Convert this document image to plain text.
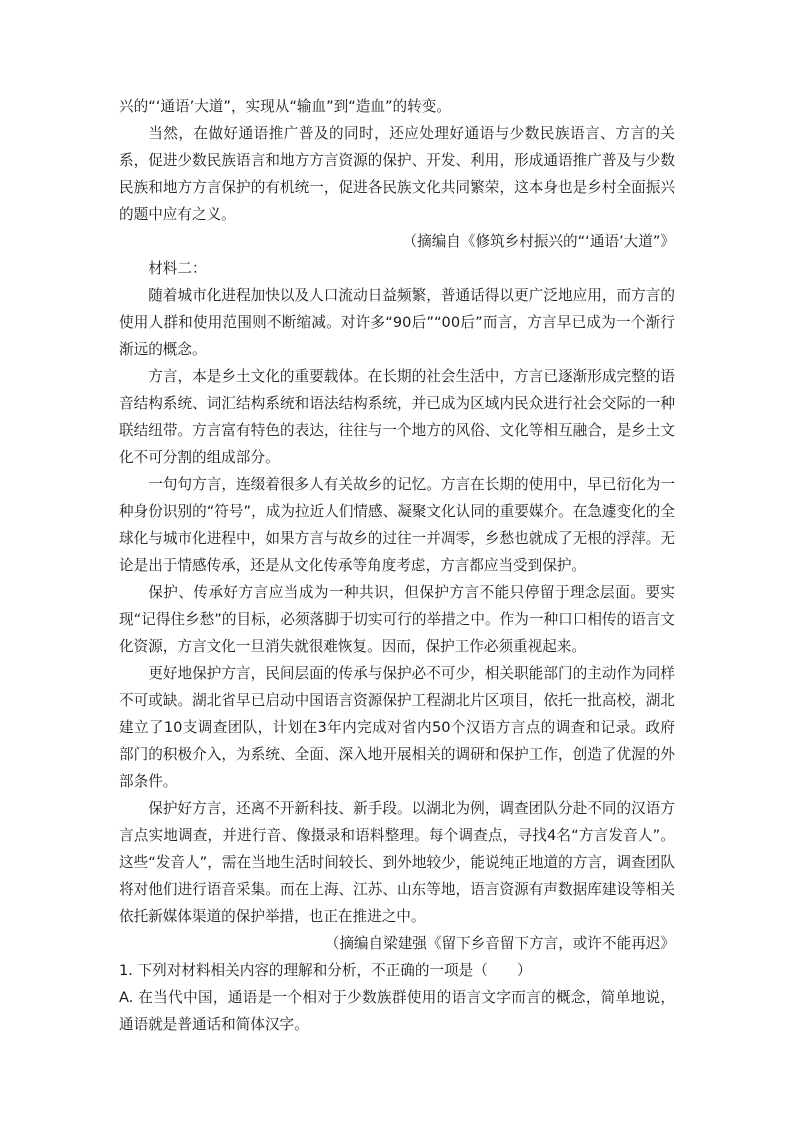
兴的“‘通语’大道”，实现从“输血”到“造血”的转变。

当然，在做好通语推广普及的同时，还应处理好通语与少数民族语言、方言的关系，促进少数民族语言和地方方言资源的保护、开发、利用，形成通语推广普及与少数民族和地方方言保护的有机统一，促进各民族文化共同繁荣，这本身也是乡村全面振兴的题中应有之义。

（摘编自《修筑乡村振兴的“‘通语’大道”》

材料二：

随着城市化进程加快以及人口流动日益频繁，普通话得以更广泛地应用，而方言的使用人群和使用范围则不断缩减。对许多“90后”“00后”而言，方言早已成为一个渐行渐远的概念。

方言，本是乡土文化的重要载体。在长期的社会生活中，方言已逐渐形成完整的语音结构系统、词汇结构系统和语法结构系统，并已成为区域内民众进行社会交际的一种联结纽带。方言富有特色的表达，往往与一个地方的风俗、文化等相互融合，是乡土文化不可分割的组成部分。

一句句方言，连缀着很多人有关故乡的记忆。方言在长期的使用中，早已衍化为一种身份识别的“符号”，成为拉近人们情感、凝聚文化认同的重要媒介。在急遽变化的全球化与城市化进程中，如果方言与故乡的过往一并凋零，乡愁也就成了无根的浮萍。无论是出于情感传承，还是从文化传承等角度考虑，方言都应当受到保护。

保护、传承好方言应当成为一种共识，但保护方言不能只停留于理念层面。要实现“记得住乡愁”的目标，必须落脚于切实可行的举措之中。作为一种口口相传的语言文化资源，方言文化一旦消失就很难恢复。因而，保护工作必须重视起来。

更好地保护方言，民间层面的传承与保护必不可少，相关职能部门的主动作为同样不可或缺。湖北省早已启动中国语言资源保护工程湖北片区项目，依托一批高校，湖北建立了10支调查团队，计划在3年内完成对省内50个汉语方言点的调查和记录。政府部门的积极介入，为系统、全面、深入地开展相关的调研和保护工作，创造了优渥的外部条件。

保护好方言，还离不开新科技、新手段。以湖北为例，调查团队分赴不同的汉语方言点实地调查，并进行音、像摄录和语料整理。每个调查点，寻找4名“方言发音人”。这些“发音人”，需在当地生活时间较长、到外地较少，能说纯正地道的方言，调查团队将对他们进行语音采集。而在上海、江苏、山东等地，语言资源有声数据库建设等相关依托新媒体渠道的保护举措，也正在推进之中。

（摘编自梁建强《留下乡音留下方言，或许不能再迟》

1. 下列对材料相关内容的理解和分析，不正确的一项是（　　）

A. 在当代中国，通语是一个相对于少数族群使用的语言文字而言的概念，简单地说，通语就是普通话和简体汉字。
